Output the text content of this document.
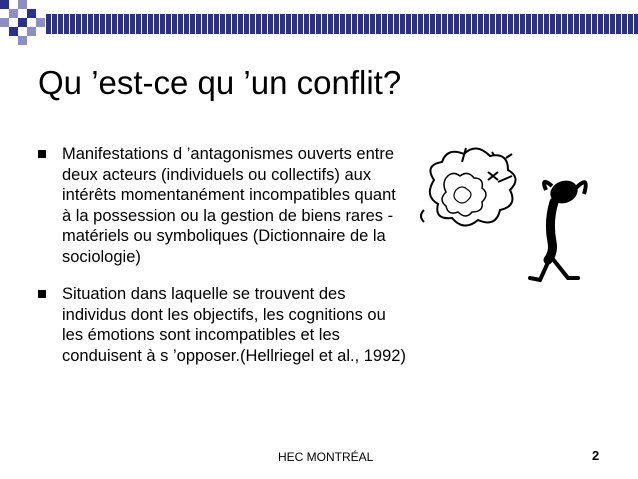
Qu ’est-ce qu ’un conflit?
Manifestations d ’antagonismes ouverts entre deux acteurs (individuels ou collectifs) aux intérêts momentanément incompatibles quant à la possession ou la gestion de biens rares - matériels ou symboliques (Dictionnaire de la sociologie)
Situation dans laquelle se trouvent des individus dont les objectifs, les cognitions ou les émotions sont incompatibles et les conduisent à s ’opposer.(Hellriegel et al., 1992)
HEC MONTRÉAL	2
